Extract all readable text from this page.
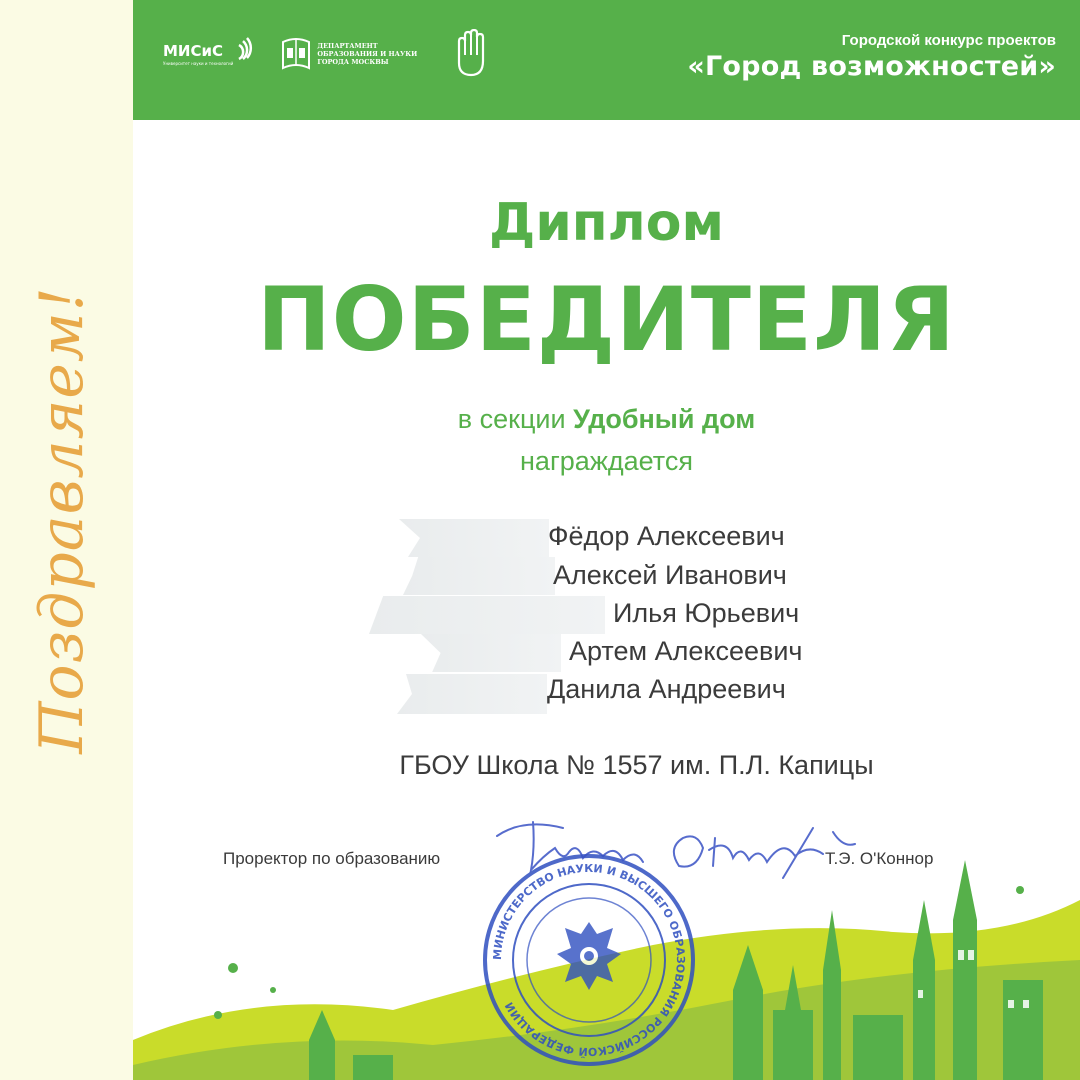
Поздравляем!
МИСиС
Университет науки и технологий
ДЕПАРТАМЕНТ
ОБРАЗОВАНИЯ И НАУКИ
ГОРОДА МОСКВЫ
Городской конкурс проектов
«Город возможностей»
Диплом
ПОБЕДИТЕЛЯ
в секции Удобный дом
награждается
Фёдор Алексеевич
Алексей Иванович
Илья Юрьевич
Артем Алексеевич
Данила Андреевич
ГБОУ Школа № 1557 им. П.Л. Капицы
МИНИСТЕРСТВО НАУКИ И ВЫСШЕГО ОБРАЗОВАНИЯ РОССИЙСКОЙ ФЕДЕРАЦИИ
Проректор по образованию	Т.Э. О'Коннор
